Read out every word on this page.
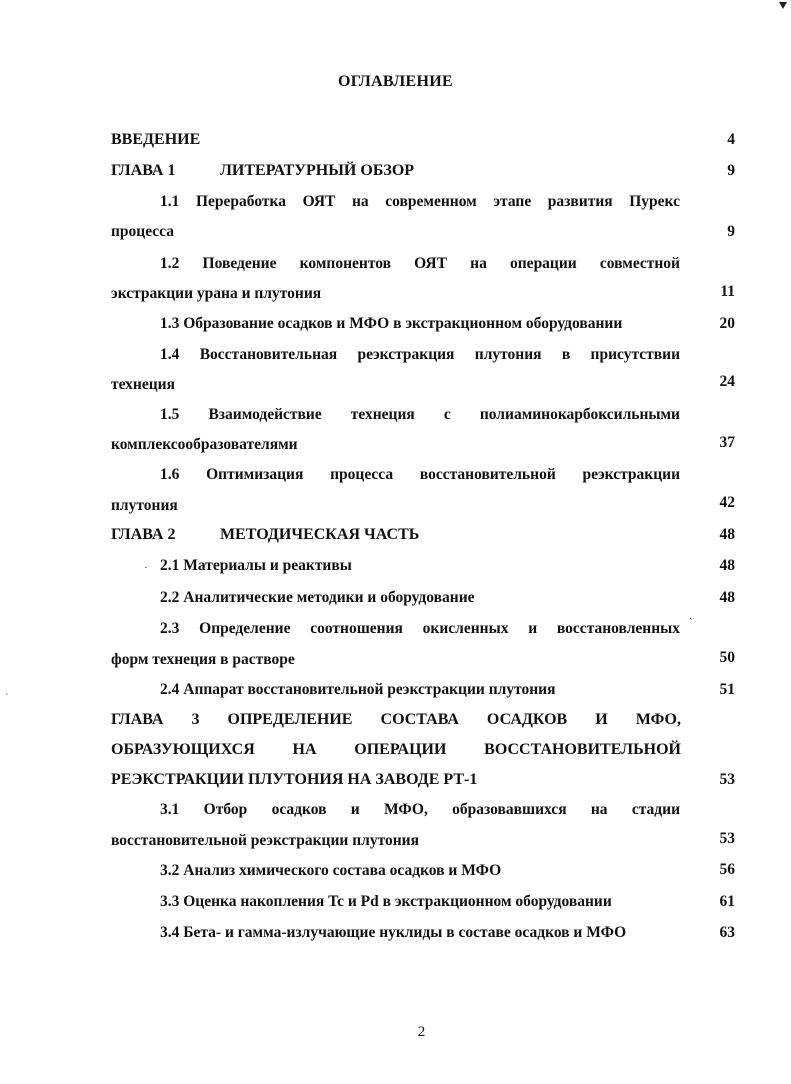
ОГЛАВЛЕНИЕ
ВВЕДЕНИЕ	4
ГЛАВА 1	ЛИТЕРАТУРНЫЙ ОБЗОР	9
1.1 Переработка ОЯТ на современном этапе развития Пурекс
процесса	9
1.2 Поведение компонентов ОЯТ на операции совместной
экстракции урана и плутония	11
1.3 Образование осадков и МФО в экстракционном оборудовании	20
1.4 Восстановительная реэкстракция плутония в присутствии
технеция	24
1.5 Взаимодействие технеция с полиаминокарбоксильными
комплексообразователями	37
1.6 Оптимизация процесса восстановительной реэкстракции
плутония	42
ГЛАВА 2	МЕТОДИЧЕСКАЯ ЧАСТЬ	48
· 2.1 Материалы и реактивы	48
2.2 Аналитические методики и оборудование	48
ˎ
2.3 Определение соотношения окисленных и восстановленных
форм технеция в растворе	50
ˋ	2.4 Аппарат восстановительной реэкстракции плутония	51
ГЛАВА 3 ОПРЕДЕЛЕНИЕ СОСТАВА ОСАДКОВ И МФО,
ОБРАЗУЮЩИХСЯ НА ОПЕРАЦИИ ВОССТАНОВИТЕЛЬНОЙ
РЕЭКСТРАКЦИИ ПЛУТОНИЯ НА ЗАВОДЕ РТ-1	53
3.1 Отбор осадков и МФО, образовавшихся на стадии
восстановительной реэкстракции плутония	53
3.2 Анализ химического состава осадков и МФО	56
3.3 Оценка накопления Tc и Pd в экстракционном оборудовании	61
3.4 Бета- и гамма-излучающие нуклиды в составе осадков и МФО	63
2
